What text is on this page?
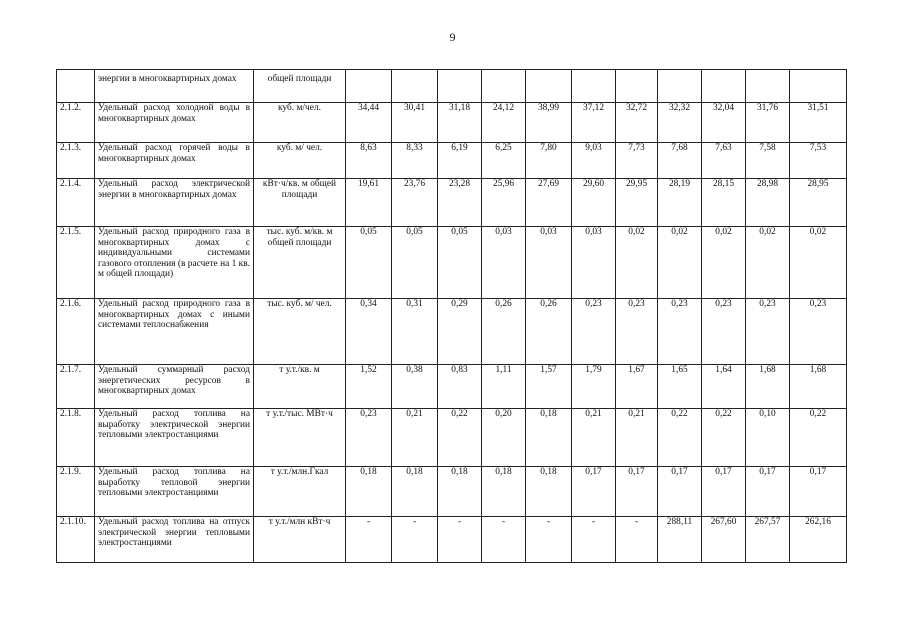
9
	энергии в многоквартирных домах	общей площади											
2.1.2.	Удельный расход холодной воды в многоквартирных домах	куб. м/чел.	34,44	30,41	31,18	24,12	38,99	37,12	32,72	32,32	32,04	31,76	31,51
2.1.3.	Удельный расход горячей воды в многоквартирных домах	куб. м/ чел.	8,63	8,33	6,19	6,25	7,80	9,03	7,73	7,68	7,63	7,58	7,53
2.1.4.	Удельный расход электрической энергии в многоквартирных домах	кВт·ч/кв. м общей площади	19,61	23,76	23,28	25,96	27,69	29,60	29,95	28,19	28,15	28,98	28,95
2.1.5.	Удельный расход природного газа в многоквартирных домах с индивидуальными системами газового отопления (в расчете на 1 кв. м общей площади)	тыс. куб. м/кв. м общей площади	0,05	0,05	0,05	0,03	0,03	0,03	0,02	0,02	0,02	0,02	0,02
2.1.6.	Удельный расход природного газа в многоквартирных домах с иными системами теплоснабжения	тыс. куб. м/ чел.	0,34	0,31	0,29	0,26	0,26	0,23	0,23	0,23	0,23	0,23	0,23
2.1.7.	Удельный суммарный расход энергетических ресурсов в многоквартирных домах	т у.т./кв. м	1,52	0,38	0,83	1,11	1,57	1,79	1,67	1,65	1,64	1,68	1,68
2.1.8.	Удельный расход топлива на выработку электрической энергии тепловыми электростанциями	т у.т./тыс. МВт·ч	0,23	0,21	0,22	0,20	0,18	0,21	0,21	0,22	0,22	0,10	0,22
2.1.9.	Удельный расход топлива на выработку тепловой энергии тепловыми электростанциями	т у.т./млн.Гкал	0,18	0,18	0,18	0,18	0,18	0,17	0,17	0,17	0,17	0,17	0,17
2.1.10.	Удельный расход топлива на отпуск электрической энергии тепловыми электростанциями	т у.т./млн кВт·ч	-	-	-	-	-	-	-	288,11	267,60	267,57	262,16
